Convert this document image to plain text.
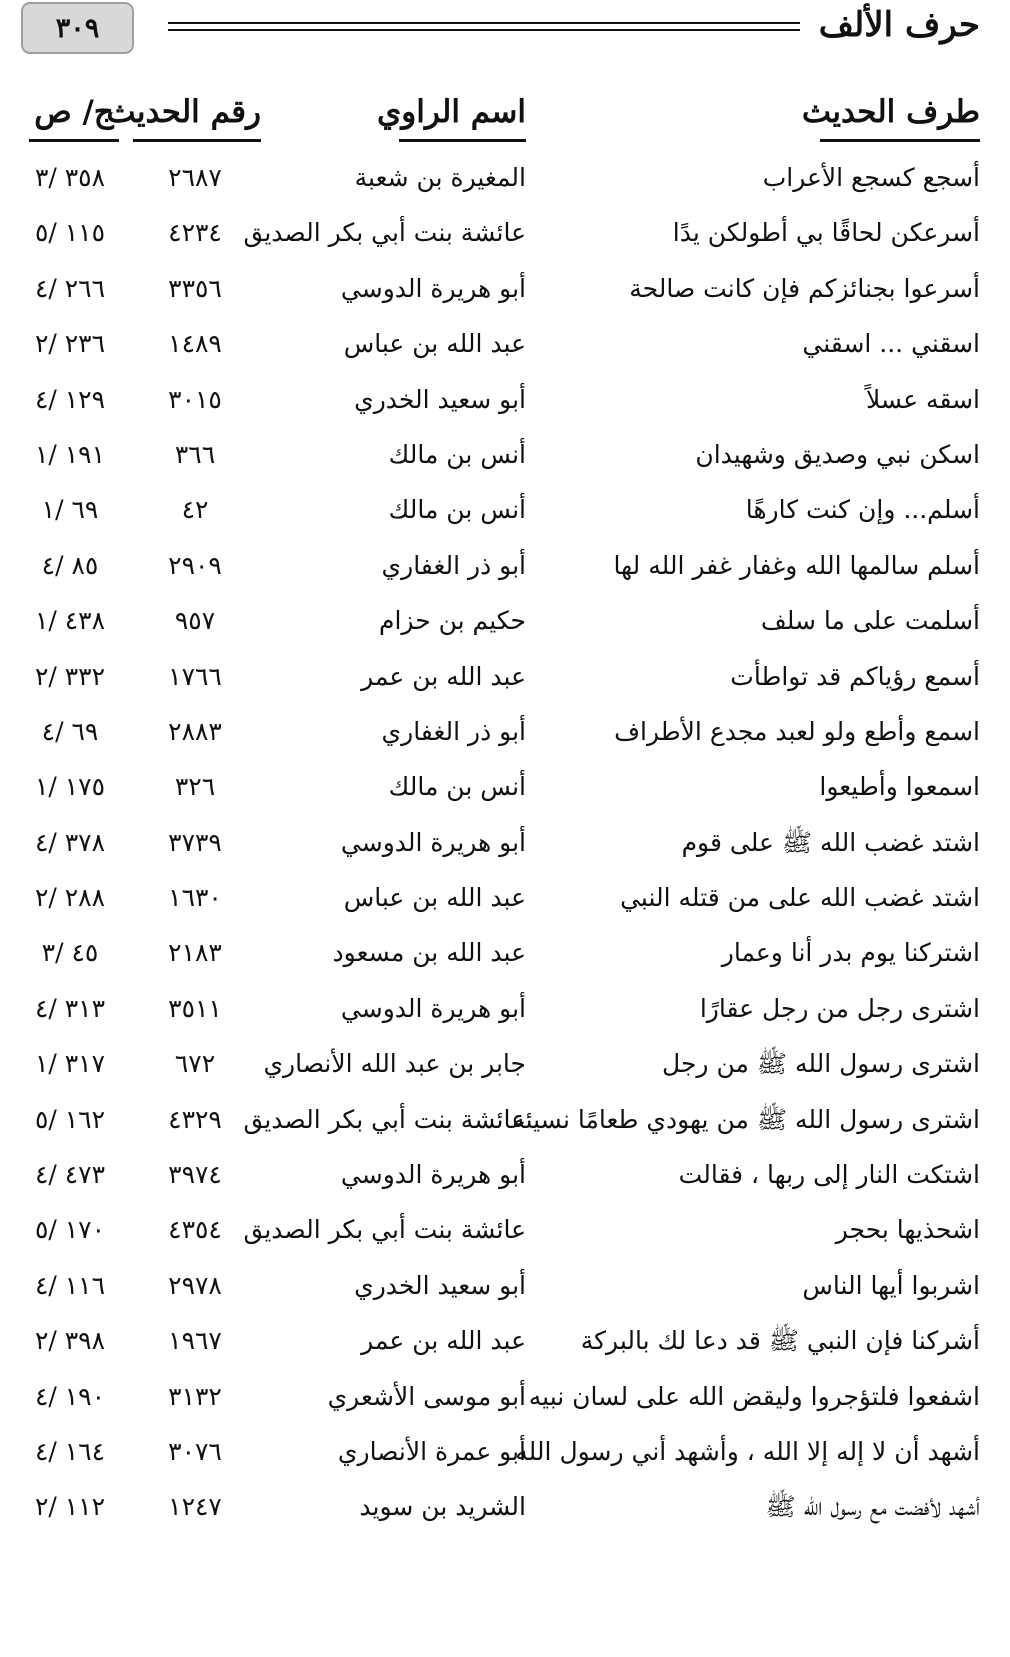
حرف الألف
٣٠٩
طرف الحديث
اسم الراوي
رقم الحديث
ج/ ص
أسجع كسجع الأعراب
المغيرة بن شعبة
٢٦٨٧
٣٥٨ /٣
أسرعكن لحاقًا بي أطولكن يدًا
عائشة بنت أبي بكر الصديق
٤٢٣٤
١١٥ /٥
أسرعوا بجنائزكم فإن كانت صالحة
أبو هريرة الدوسي
٣٣٥٦
٢٦٦ /٤
اسقني ... اسقني
عبد الله بن عباس
١٤٨٩
٢٣٦ /٢
اسقه عسلاً
أبو سعيد الخدري
٣٠١٥
١٢٩ /٤
اسكن نبي وصديق وشهيدان
أنس بن مالك
٣٦٦
١٩١ /١
أسلم... وإن كنت كارهًا
أنس بن مالك
٤٢
٦٩ /١
أسلم سالمها الله وغفار غفر الله لها
أبو ذر الغفاري
٢٩٠٩
٨٥ /٤
أسلمت على ما سلف
حكيم بن حزام
٩٥٧
٤٣٨ /١
أسمع رؤياكم قد تواطأت
عبد الله بن عمر
١٧٦٦
٣٣٢ /٢
اسمع وأطع ولو لعبد مجدع الأطراف
أبو ذر الغفاري
٢٨٨٣
٦٩ /٤
اسمعوا وأطيعوا
أنس بن مالك
٣٢٦
١٧٥ /١
اشتد غضب الله ﷺ على قوم
أبو هريرة الدوسي
٣٧٣٩
٣٧٨ /٤
اشتد غضب الله على من قتله النبي
عبد الله بن عباس
١٦٣٠
٢٨٨ /٢
اشتركنا يوم بدر أنا وعمار
عبد الله بن مسعود
٢١٨٣
٤٥ /٣
اشترى رجل من رجل عقارًا
أبو هريرة الدوسي
٣٥١١
٣١٣ /٤
اشترى رسول الله ﷺ من رجل
جابر بن عبد الله الأنصاري
٦٧٢
٣١٧ /١
اشترى رسول الله ﷺ من يهودي طعامًا نسيئة
عائشة بنت أبي بكر الصديق
٤٣٢٩
١٦٢ /٥
اشتكت النار إلى ربها ، فقالت
أبو هريرة الدوسي
٣٩٧٤
٤٧٣ /٤
اشحذيها بحجر
عائشة بنت أبي بكر الصديق
٤٣٥٤
١٧٠ /٥
اشربوا أيها الناس
أبو سعيد الخدري
٢٩٧٨
١١٦ /٤
أشركنا فإن النبي ﷺ قد دعا لك بالبركة
عبد الله بن عمر
١٩٦٧
٣٩٨ /٢
اشفعوا فلتؤجروا وليقض الله على لسان نبيه
أبو موسى الأشعري
٣١٣٢
١٩٠ /٤
أشهد أن لا إله إلا الله ، وأشهد أني رسول الله
أبو عمرة الأنصاري
٣٠٧٦
١٦٤ /٤
أشهد لأفضت مع رسول الله ﷺ
الشريد بن سويد
١٢٤٧
١١٢ /٢
